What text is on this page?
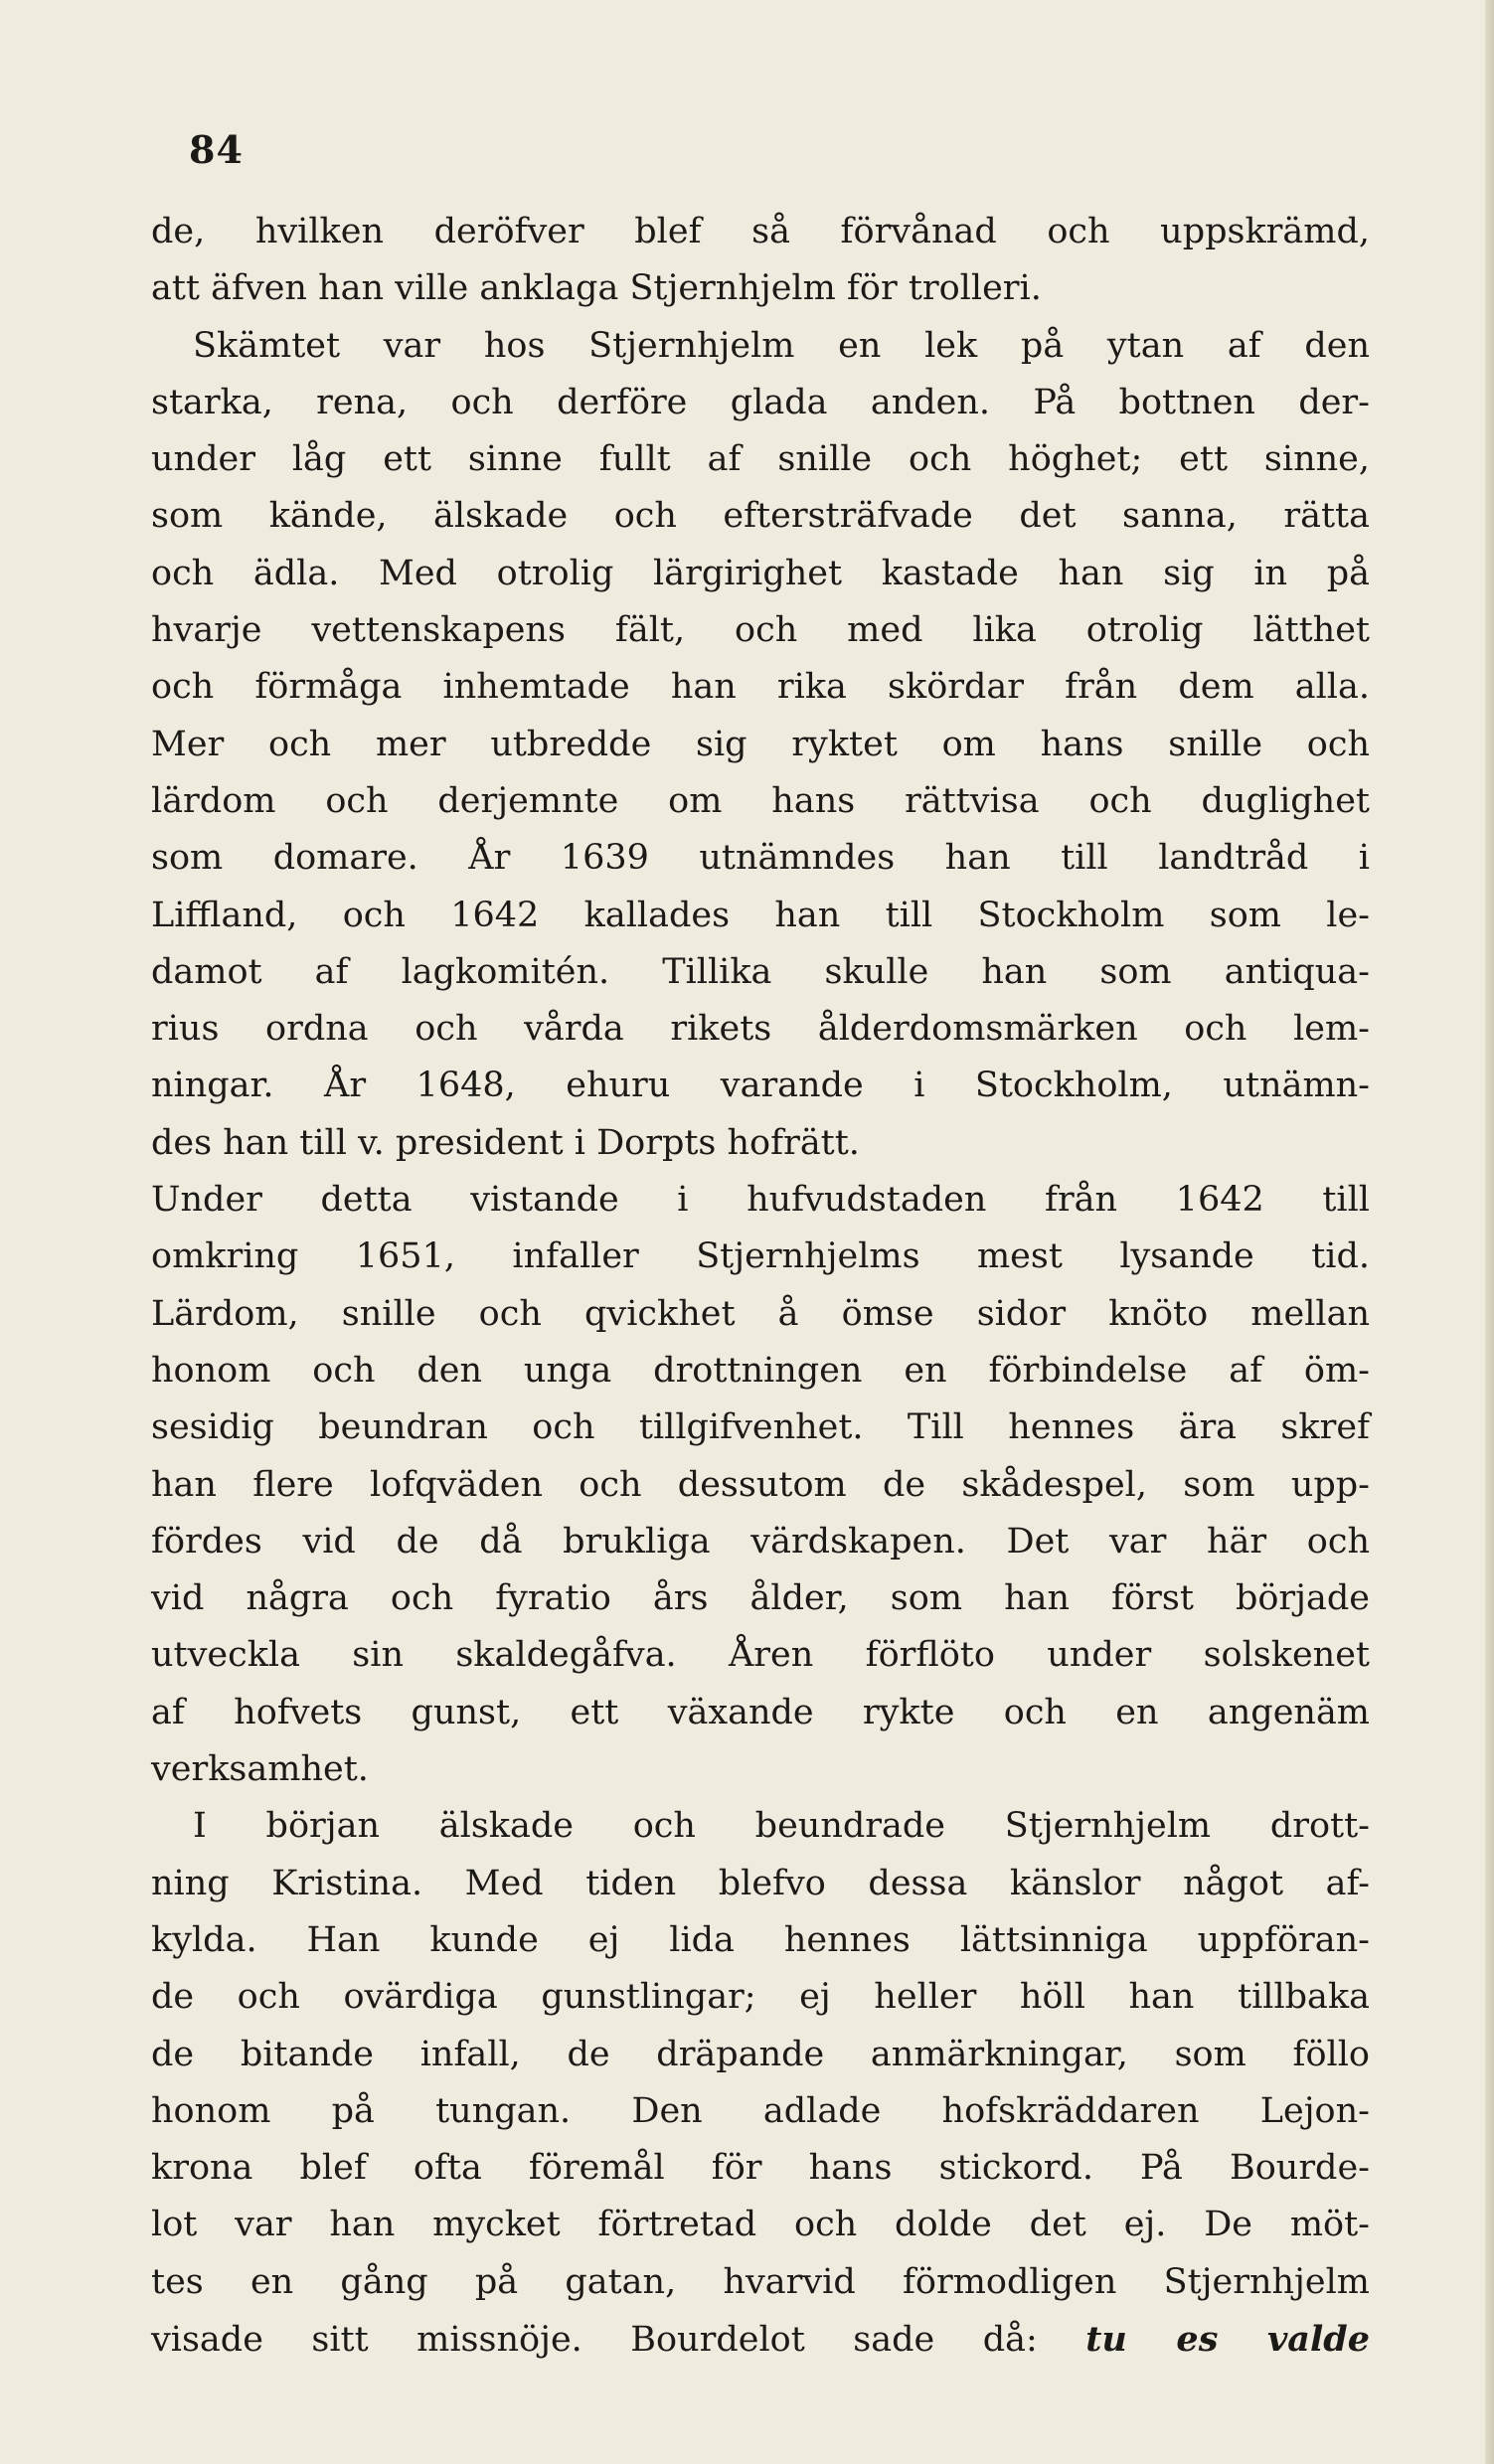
84
de, hvilken deröfver blef så förvånad och uppskrämd,
att äfven han ville anklaga Stjernhjelm för trolleri.
Skämtet var hos Stjernhjelm en lek på ytan af den
starka, rena, och derföre glada anden. På bottnen der-
under låg ett sinne fullt af snille och höghet; ett sinne,
som kände, älskade och eftersträfvade det sanna, rätta
och ädla. Med otrolig lärgirighet kastade han sig in på
hvarje vettenskapens fält, och med lika otrolig lätthet
och förmåga inhemtade han rika skördar från dem alla.
Mer och mer utbredde sig ryktet om hans snille och
lärdom och derjemnte om hans rättvisa och duglighet
som domare. År 1639 utnämndes han till landtråd i
Liffland, och 1642 kallades han till Stockholm som le-
damot af lagkomitén. Tillika skulle han som antiqua-
rius ordna och vårda rikets ålderdomsmärken och lem-
ningar. År 1648, ehuru varande i Stockholm, utnämn-
des han till v. president i Dorpts hofrätt.
Under detta vistande i hufvudstaden från 1642 till
omkring 1651, infaller Stjernhjelms mest lysande tid.
Lärdom, snille och qvickhet å ömse sidor knöto mellan
honom och den unga drottningen en förbindelse af öm-
sesidig beundran och tillgifvenhet. Till hennes ära skref
han flere lofqväden och dessutom de skådespel, som upp-
fördes vid de då brukliga värdskapen. Det var här och
vid några och fyratio års ålder, som han först började
utveckla sin skaldegåfva. Åren förflöto under solskenet
af hofvets gunst, ett växande rykte och en angenäm
verksamhet.
I början älskade och beundrade Stjernhjelm drott-
ning Kristina. Med tiden blefvo dessa känslor något af-
kylda. Han kunde ej lida hennes lättsinniga uppföran-
de och ovärdiga gunstlingar; ej heller höll han tillbaka
de bitande infall, de dräpande anmärkningar, som föllo
honom på tungan. Den adlade hofskräddaren Lejon-
krona blef ofta föremål för hans stickord. På Bourde-
lot var han mycket förtretad och dolde det ej. De möt-
tes en gång på gatan, hvarvid förmodligen Stjernhjelm
visade sitt missnöje. Bourdelot sade då: tu es valde
